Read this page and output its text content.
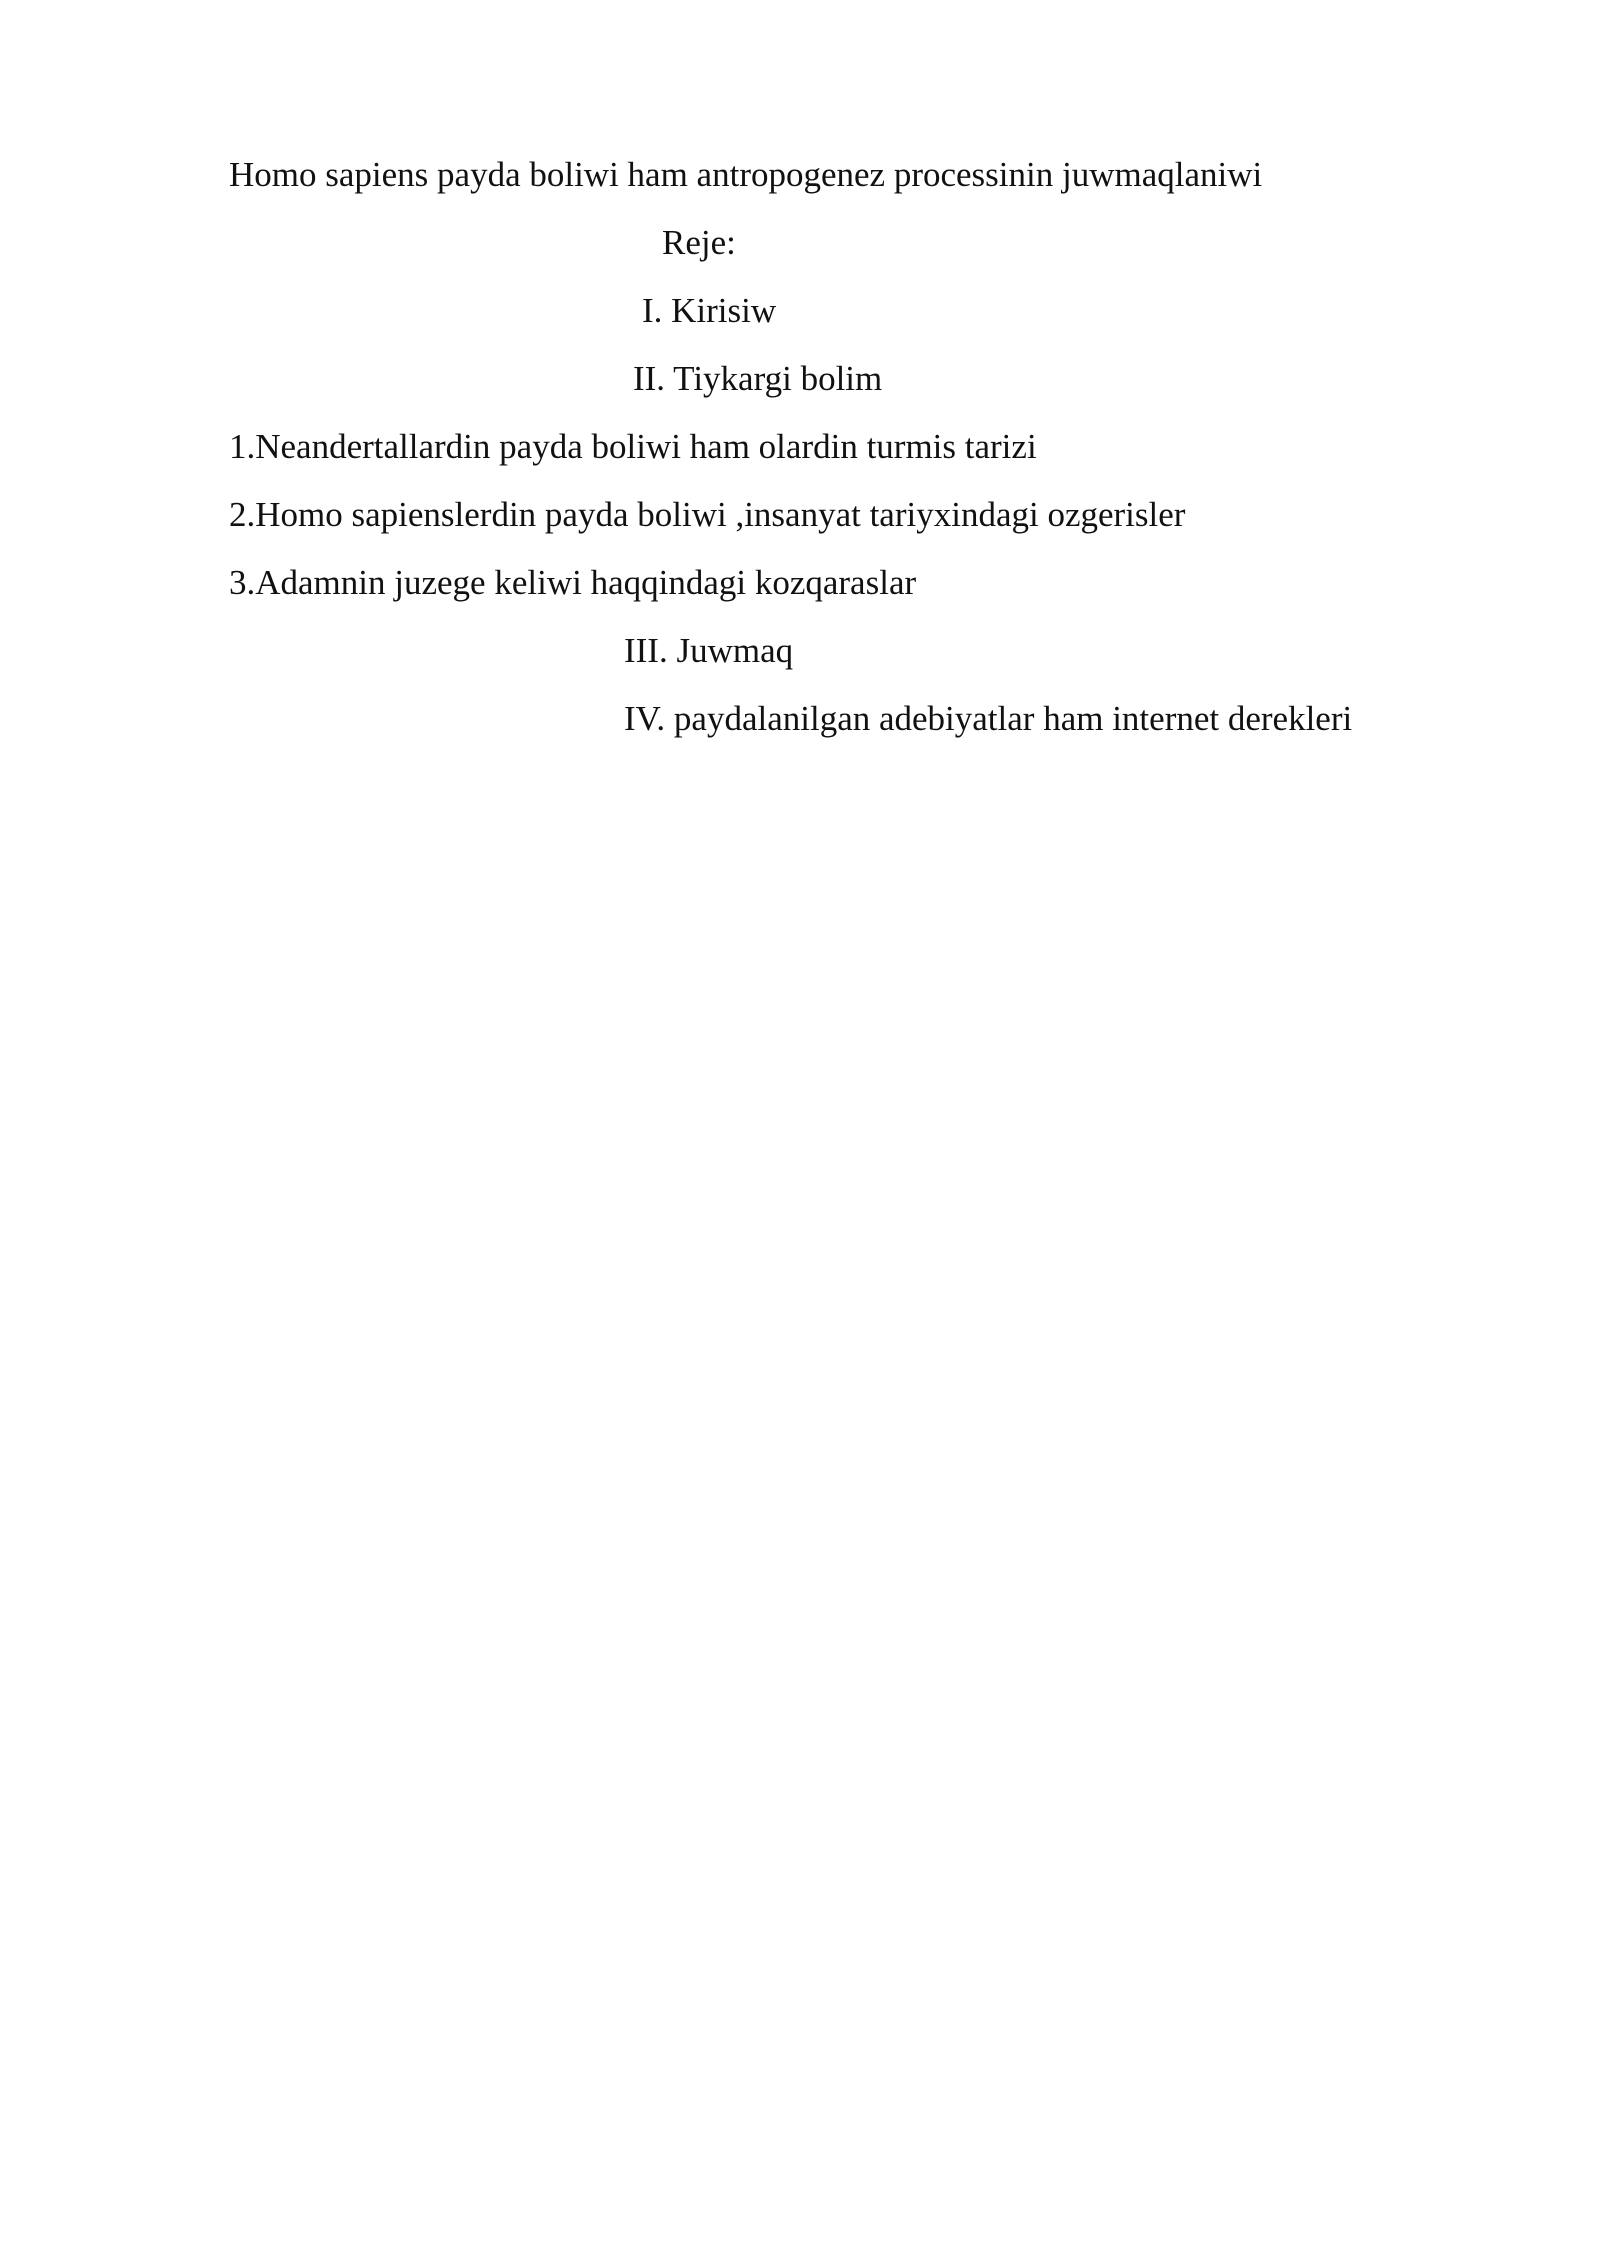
Homo sapiens payda boliwi ham antropogenez processinin juwmaqlaniwi
Reje:
I. Kirisiw
II. Tiykargi bolim
1.Neandertallardin payda boliwi ham olardin turmis tarizi
2.Homo sapienslerdin payda boliwi ,insanyat tariyxindagi ozgerisler
3.Adamnin juzege keliwi haqqindagi kozqaraslar
III. Juwmaq
IV. paydalanilgan adebiyatlar ham internet derekleri
